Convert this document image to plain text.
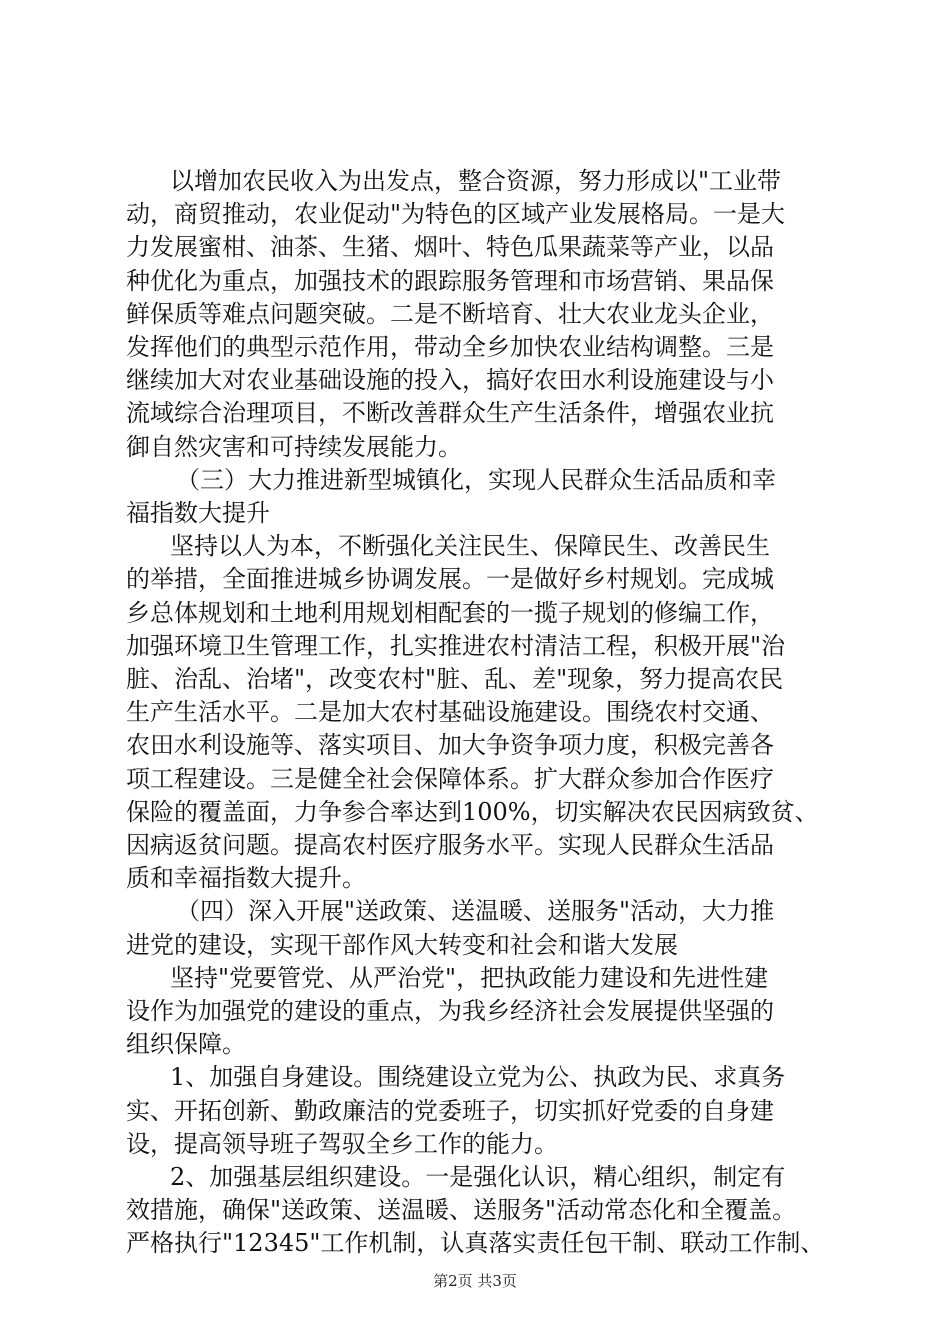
以增加农民收入为出发点，整合资源，努力形成以"工业带
动，商贸推动，农业促动"为特色的区域产业发展格局。一是大
力发展蜜柑、油茶、生猪、烟叶、特色瓜果蔬菜等产业，以品
种优化为重点，加强技术的跟踪服务管理和市场营销、果品保
鲜保质等难点问题突破。二是不断培育、壮大农业龙头企业，
发挥他们的典型示范作用，带动全乡加快农业结构调整。三是
继续加大对农业基础设施的投入，搞好农田水利设施建设与小
流域综合治理项目，不断改善群众生产生活条件，增强农业抗
御自然灾害和可持续发展能力。
（三）大力推进新型城镇化，实现人民群众生活品质和幸
福指数大提升
坚持以人为本，不断强化关注民生、保障民生、改善民生
的举措，全面推进城乡协调发展。一是做好乡村规划。完成城
乡总体规划和土地利用规划相配套的一揽子规划的修编工作，
加强环境卫生管理工作，扎实推进农村清洁工程，积极开展"治
脏、治乱、治堵"，改变农村"脏、乱、差"现象，努力提高农民
生产生活水平。二是加大农村基础设施建设。围绕农村交通、
农田水利设施等、落实项目、加大争资争项力度，积极完善各
项工程建设。三是健全社会保障体系。扩大群众参加合作医疗
保险的覆盖面，力争参合率达到100%，切实解决农民因病致贫、
因病返贫问题。提高农村医疗服务水平。实现人民群众生活品
质和幸福指数大提升。
（四）深入开展"送政策、送温暖、送服务"活动，大力推
进党的建设，实现干部作风大转变和社会和谐大发展
坚持"党要管党、从严治党"，把执政能力建设和先进性建
设作为加强党的建设的重点，为我乡经济社会发展提供坚强的
组织保障。
1、加强自身建设。围绕建设立党为公、执政为民、求真务
第2页 共3页
实、开拓创新、勤政廉洁的党委班子，切实抓好党委的自身建
设，提高领导班子驾驭全乡工作的能力。
2、加强基层组织建设。一是强化认识，精心组织，制定有
效措施，确保"送政策、送温暖、送服务"活动常态化和全覆盖。
严格执行"12345"工作机制，认真落实责任包干制、联动工作制、
